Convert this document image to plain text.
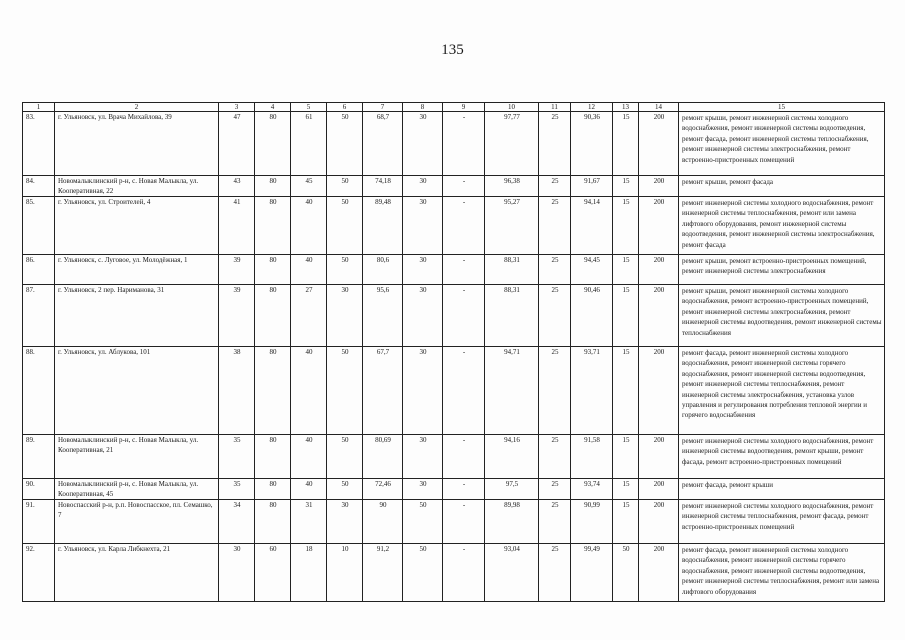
135
1	2	3	4	5	6	7	8	9	10	11	12	13	14	15
83.	г. Ульяновск, ул. Врача Михайлова, 39	47	80	61	50	68,7	30	-	97,77	25	90,36	15	200	ремонт крыши, ремонт инженерной системы холодного водоснабжения, ремонт инженерной системы водоотведения, ремонт фасада, ремонт инженерной системы теплоснабжения, ремонт инженерной системы электроснабжения, ремонт встроенно-пристроенных помещений
84.	Новомалыклинский р-н, с. Новая Малыкла, ул. Кооперативная, 22	43	80	45	50	74,18	30	-	96,38	25	91,67	15	200	ремонт крыши, ремонт фасада
85.	г. Ульяновск, ул. Строителей, 4	41	80	40	50	89,48	30	-	95,27	25	94,14	15	200	ремонт инженерной системы холодного водоснабжения, ремонт инженерной системы теплоснабжения, ремонт или замена лифтового оборудования, ремонт инженерной системы водоотведения, ремонт инженерной системы электроснабжения, ремонт фасада
86.	г. Ульяновск, с. Луговое, ул. Молодёжная, 1	39	80	40	50	80,6	30	-	88,31	25	94,45	15	200	ремонт крыши, ремонт встроенно-пристроенных помещений, ремонт инженерной системы электроснабжения
87.	г. Ульяновск, 2 пер. Нариманова, 31	39	80	27	30	95,6	30	-	88,31	25	90,46	15	200	ремонт крыши, ремонт инженерной системы холодного водоснабжения, ремонт встроенно-пристроенных помещений, ремонт инженерной системы электроснабжения, ремонт инженерной системы водоотведения, ремонт инженерной системы теплоснабжения
88.	г. Ульяновск, ул. Аблукова, 101	38	80	40	50	67,7	30	-	94,71	25	93,71	15	200	ремонт фасада, ремонт инженерной системы холодного водоснабжения, ремонт инженерной системы горячего водоснабжения, ремонт инженерной системы водоотведения, ремонт инженерной системы теплоснабжения, ремонт инженерной системы электроснабжения, установка узлов управления и регулирования потребления тепловой энергии и горячего водоснабжения
89.	Новомалыклинский р-н, с. Новая Малыкла, ул. Кооперативная, 21	35	80	40	50	80,69	30	-	94,16	25	91,58	15	200	ремонт инженерной системы холодного водоснабжения, ремонт инженерной системы водоотведения, ремонт крыши, ремонт фасада, ремонт встроенно-пристроенных помещений
90.	Новомалыклинский р-н, с. Новая Малыкла, ул. Кооперативная, 45	35	80	40	50	72,46	30	-	97,5	25	93,74	15	200	ремонт фасада, ремонт крыши
91.	Новоспасский р-н, р.п. Новоспасское, пл. Семашко, 7	34	80	31	30	90	50	-	89,98	25	90,99	15	200	ремонт инженерной системы холодного водоснабжения, ремонт инженерной системы теплоснабжения, ремонт фасада, ремонт встроенно-пристроенных помещений
92.	г. Ульяновск, ул. Карла Либкнехта, 21	30	60	18	10	91,2	50	-	93,04	25	99,49	50	200	ремонт фасада, ремонт инженерной системы холодного водоснабжения, ремонт инженерной системы горячего водоснабжения, ремонт инженерной системы водоотведения, ремонт инженерной системы теплоснабжения, ремонт или замена лифтового оборудования
